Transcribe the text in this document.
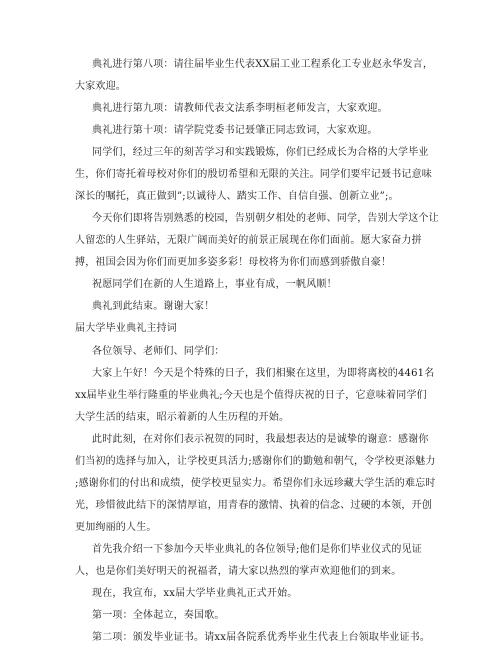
典礼进行第八项：请往届毕业生代表XX届工业工程系化工专业赵永华发言，
大家欢迎。
典礼进行第九项：请教师代表文法系李明桓老师发言，大家欢迎。
典礼进行第十项：请学院党委书记聂肇正同志致词，大家欢迎。
同学们，经过三年的刻苦学习和实践锻炼，你们已经成长为合格的大学毕业
生，你们寄托着母校对你们的殷切希望和无限的关注。同学们要牢记聂书记意味
深长的嘱托，真正做到”;以诚待人、踏实工作、自信自强、创新立业”;。
今天你们即将告别熟悉的校园，告别朝夕相处的老师、同学，告别大学这个让
人留恋的人生驿站，无限广阔而美好的前景正展现在你们面前。愿大家奋力拼
搏，祖国会因为你们而更加多姿多彩！母校将为你们而感到骄傲自豪！
祝愿同学们在新的人生道路上，事业有成，一帆风顺！
典礼到此结束。谢谢大家！
届大学毕业典礼主持词
各位领导、老师们、同学们：
大家上午好！今天是个特殊的日子，我们相聚在这里，为即将离校的4461名
xx届毕业生举行隆重的毕业典礼;今天也是个值得庆祝的日子，它意味着同学们
大学生活的结束，昭示着新的人生历程的开始。
此时此刻，在对你们表示祝贺的同时，我最想表达的是诚挚的谢意：感谢你
们当初的选择与加入，让学校更具活力;感谢你们的勤勉和朝气，令学校更添魅力
;感谢你们的付出和成绩，使学校更显实力。希望你们永远珍藏大学生活的难忘时
光，珍惜彼此结下的深情厚谊，用青春的激情、执着的信念、过硬的本领，开创
更加绚丽的人生。
首先我介绍一下参加今天毕业典礼的各位领导;他们是你们毕业仪式的见证
人，也是你们美好明天的祝福者，请大家以热烈的掌声欢迎他们的到来。
现在，我宣布，xx届大学毕业典礼正式开始。
第一项：全体起立，奏国歌。
第二项：颁发毕业证书。请xx届各院系优秀毕业生代表上台领取毕业证书。
